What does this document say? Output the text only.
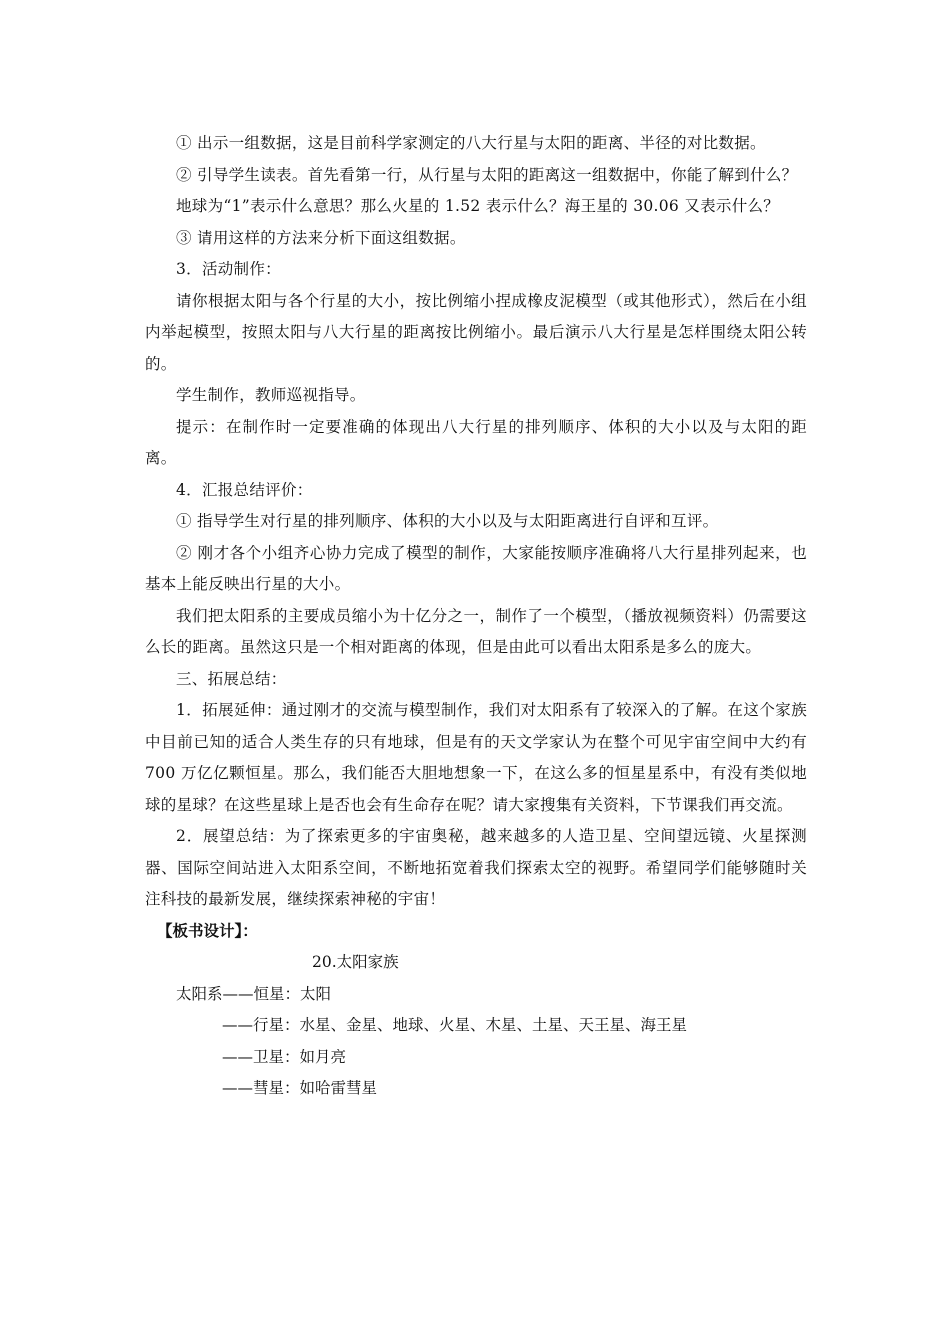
① 出示一组数据，这是目前科学家测定的八大行星与太阳的距离、半径的对比数据。

② 引导学生读表。首先看第一行，从行星与太阳的距离这一组数据中，你能了解到什么？

地球为“1”表示什么意思？那么火星的 1.52 表示什么？海王星的 30.06 又表示什么？

③ 请用这样的方法来分析下面这组数据。

3．活动制作：

请你根据太阳与各个行星的大小，按比例缩小捏成橡皮泥模型（或其他形式），然后在小组内举起模型，按照太阳与八大行星的距离按比例缩小。最后演示八大行星是怎样围绕太阳公转的。

学生制作，教师巡视指导。

提示：在制作时一定要准确的体现出八大行星的排列顺序、体积的大小以及与太阳的距离。

4．汇报总结评价：

① 指导学生对行星的排列顺序、体积的大小以及与太阳距离进行自评和互评。

② 刚才各个小组齐心协力完成了模型的制作，大家能按顺序准确将八大行星排列起来，也基本上能反映出行星的大小。

我们把太阳系的主要成员缩小为十亿分之一，制作了一个模型，（播放视频资料）仍需要这么长的距离。虽然这只是一个相对距离的体现，但是由此可以看出太阳系是多么的庞大。

三、拓展总结：

1．拓展延伸：通过刚才的交流与模型制作，我们对太阳系有了较深入的了解。在这个家族中目前已知的适合人类生存的只有地球，但是有的天文学家认为在整个可见宇宙空间中大约有 700 万亿亿颗恒星。那么，我们能否大胆地想象一下，在这么多的恒星星系中，有没有类似地球的星球？在这些星球上是否也会有生命存在呢？请大家搜集有关资料，下节课我们再交流。

2．展望总结：为了探索更多的宇宙奥秘，越来越多的人造卫星、空间望远镜、火星探测器、国际空间站进入太阳系空间，不断地拓宽着我们探索太空的视野。希望同学们能够随时关注科技的最新发展，继续探索神秘的宇宙！

【板书设计】：

20.太阳家族

太阳系——恒星：太阳

——行星：水星、金星、地球、火星、木星、土星、天王星、海王星

——卫星：如月亮

——彗星：如哈雷彗星
